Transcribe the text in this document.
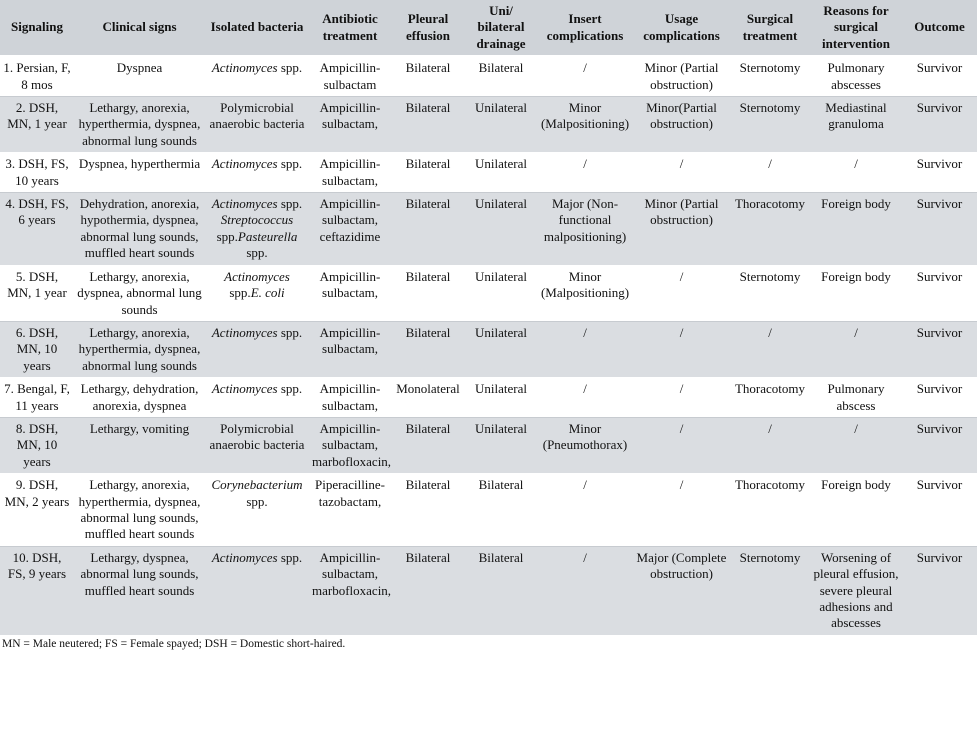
Signaling	Clinical signs	Isolated bacteria	Antibiotic treatment	Pleural effusion	Uni/ bilateral drainage	Insert complications	Usage complications	Surgical treatment	Reasons for surgical intervention	Outcome
1. Persian, F, 8 mos	Dyspnea	Actinomyces spp.	Ampicillin-sulbactam	Bilateral	Bilateral	/	Minor (Partial obstruction)	Sternotomy	Pulmonary abscesses	Survivor
2. DSH, MN, 1 year	Lethargy, anorexia, hyperthermia, dyspnea, abnormal lung sounds	Polymicrobial anaerobic bacteria	Ampicillin-sulbactam,	Bilateral	Unilateral	Minor (Malpositioning)	Minor(Partial obstruction)	Sternotomy	Mediastinal granuloma	Survivor
3. DSH, FS, 10 years	Dyspnea, hyperthermia	Actinomyces spp.	Ampicillin-sulbactam,	Bilateral	Unilateral	/	/	/	/	Survivor
4. DSH, FS, 6 years	Dehydration, anorexia, hypothermia, dyspnea, abnormal lung sounds, muffled heart sounds	Actinomyces spp. Streptococcus spp.Pasteurella spp.	Ampicillin-sulbactam, ceftazidime	Bilateral	Unilateral	Major (Non-functional malpositioning)	Minor (Partial obstruction)	Thoracotomy	Foreign body	Survivor
5. DSH, MN, 1 year	Lethargy, anorexia, dyspnea, abnormal lung sounds	Actinomyces spp.E. coli	Ampicillin-sulbactam,	Bilateral	Unilateral	Minor (Malpositioning)	/	Sternotomy	Foreign body	Survivor
6. DSH, MN, 10 years	Lethargy, anorexia, hyperthermia, dyspnea, abnormal lung sounds	Actinomyces spp.	Ampicillin-sulbactam,	Bilateral	Unilateral	/	/	/	/	Survivor
7. Bengal, F, 11 years	Lethargy, dehydration, anorexia, dyspnea	Actinomyces spp.	Ampicillin-sulbactam,	Monolateral	Unilateral	/	/	Thoracotomy	Pulmonary abscess	Survivor
8. DSH, MN, 10 years	Lethargy, vomiting	Polymicrobial anaerobic bacteria	Ampicillin-sulbactam, marbofloxacin,	Bilateral	Unilateral	Minor (Pneumothorax)	/	/	/	Survivor
9. DSH, MN, 2 years	Lethargy, anorexia, hyperthermia, dyspnea, abnormal lung sounds, muffled heart sounds	Corynebacterium spp.	Piperacilline-tazobactam,	Bilateral	Bilateral	/	/	Thoracotomy	Foreign body	Survivor
10. DSH, FS, 9 years	Lethargy, dyspnea, abnormal lung sounds, muffled heart sounds	Actinomyces spp.	Ampicillin-sulbactam, marbofloxacin,	Bilateral	Bilateral	/	Major (Complete obstruction)	Sternotomy	Worsening of pleural effusion, severe pleural adhesions and abscesses	Survivor
MN = Male neutered; FS = Female spayed; DSH = Domestic short-haired.
